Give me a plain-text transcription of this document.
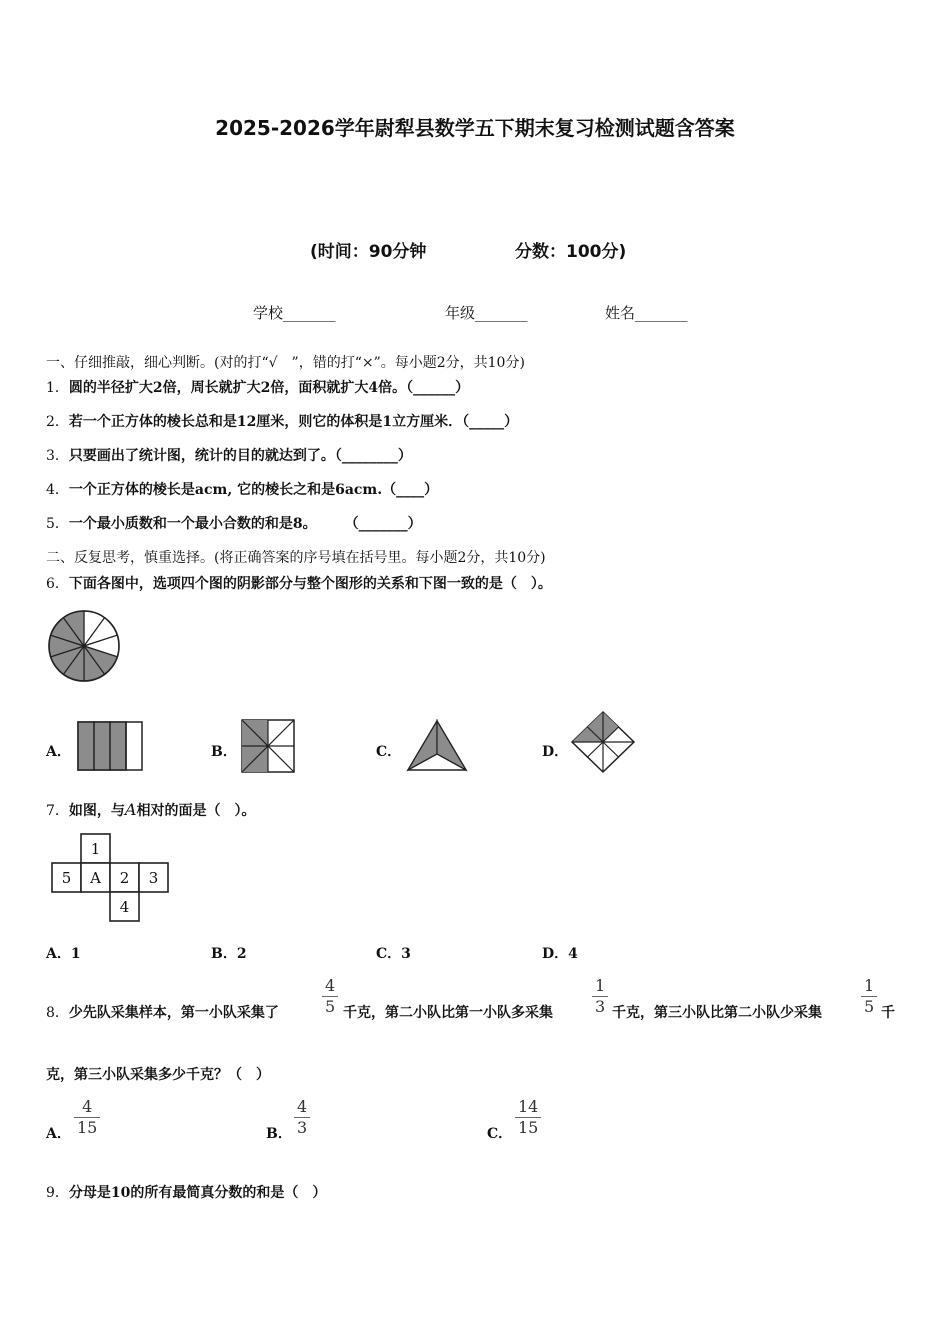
2025-2026学年尉犁县数学五下期末复习检测试题含答案
(时间：90分钟	分数：100分)
学校_______	年级_______	姓名_______
一、仔细推敲，细心判断。(对的打“√　”，错的打“×”。每小题2分，共10分)
1．圆的半径扩大2倍，周长就扩大2倍，面积就扩大4倍。（______）
2．若一个正方体的棱长总和是12厘米，则它的体积是1立方厘米．（_____）
3．只要画出了统计图，统计的目的就达到了。（________）
4．一个正方体的棱长是acm, 它的棱长之和是6acm.（____）
5．一个最小质数和一个最小合数的和是8。　　　（_______）
二、反复思考，慎重选择。(将正确答案的序号填在括号里。每小题2分，共10分)
6．下面各图中，选项四个图的阴影部分与整个图形的关系和下图一致的是（　）。
A．	B．	C．	D．
7．如图，与A相对的面是（　）。
1
5 A 2 3
4
A．1	B．2	C．3	D．4
8．少先队采集样本，第一小队采集了	$\frac{4}{5}$ 千克，第二小队比第一小队多采集 $\frac{1}{3}$ 千克，第三小队比第二小队少采集 $\frac{1}{5}$ 千
克，第三小队采集多少千克？（　）
A． $\frac{4}{15}$	B． $\frac{4}{3}$	C． $\frac{14}{15}$
9．分母是10的所有最简真分数的和是（　）
